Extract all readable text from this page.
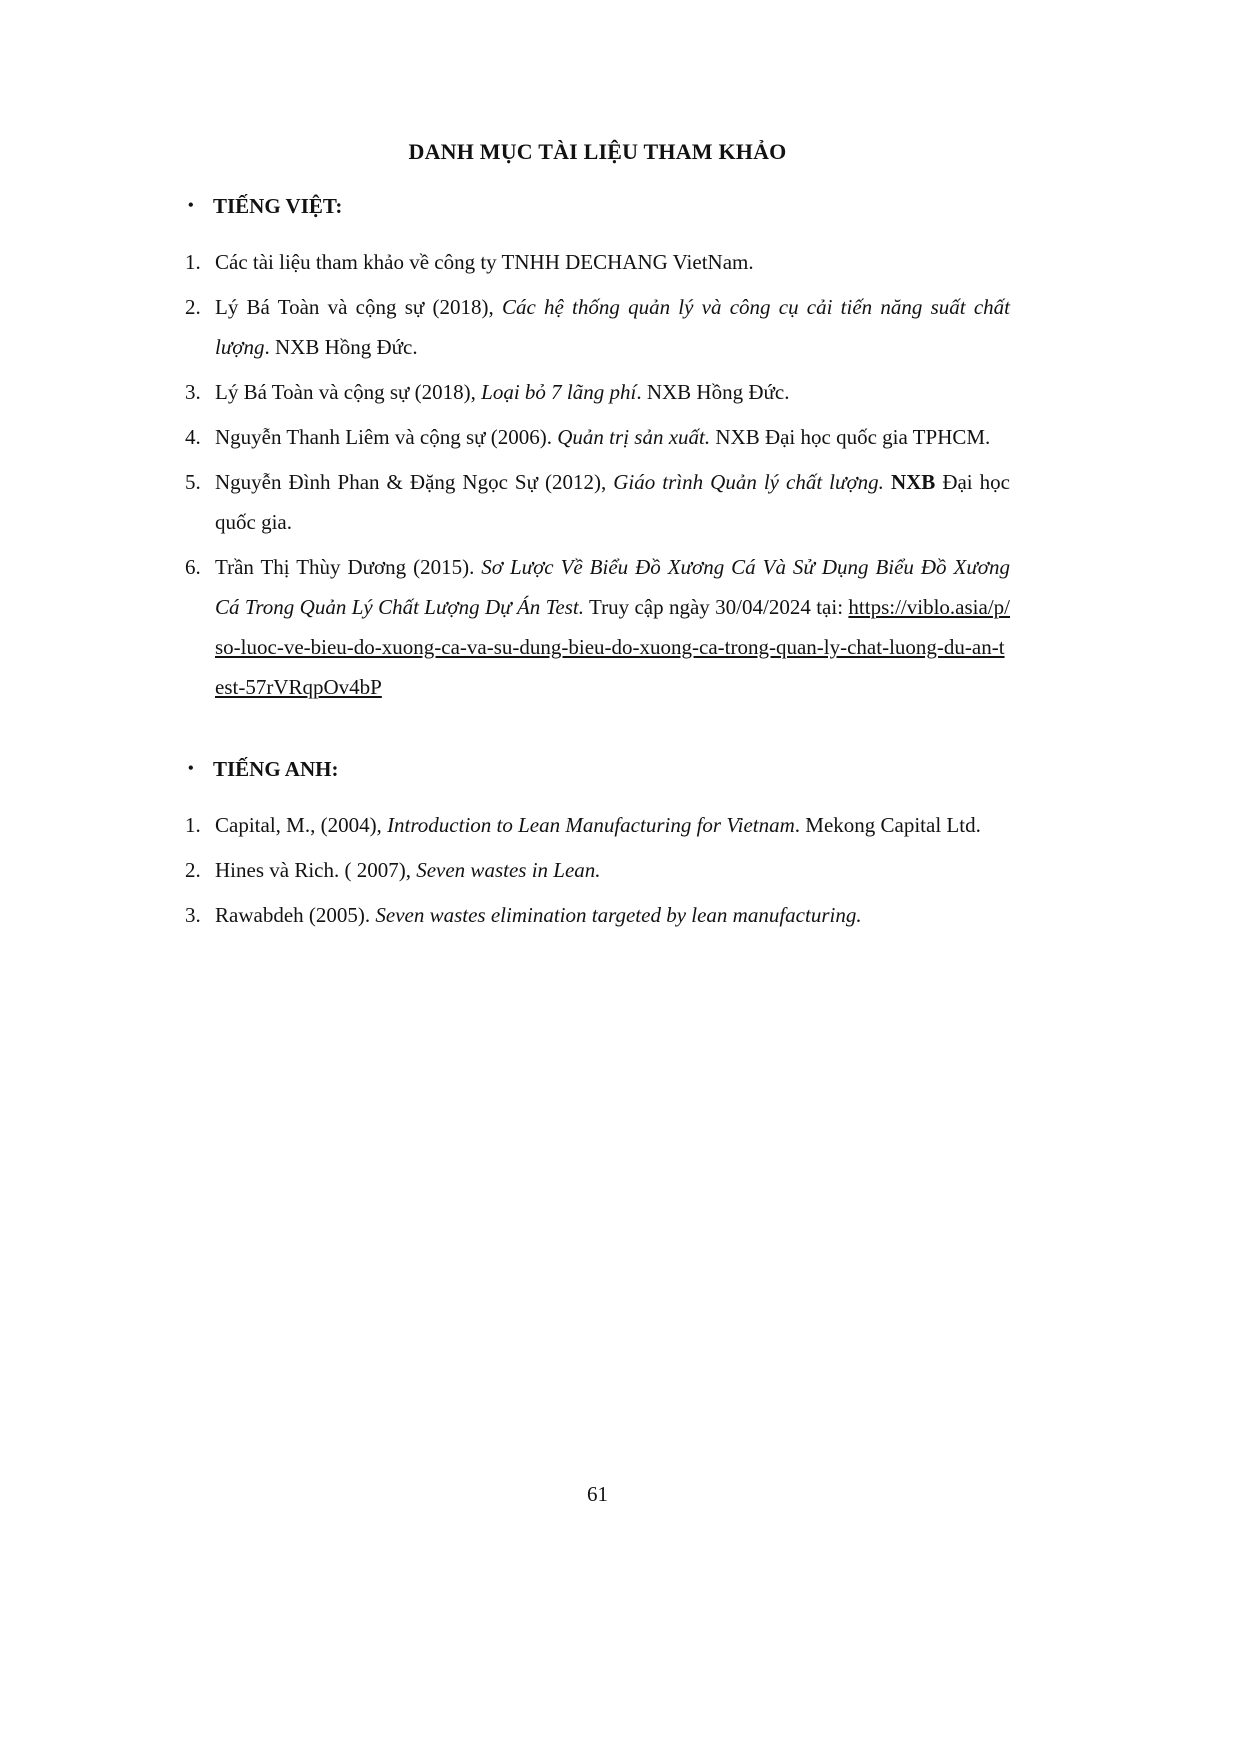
DANH MỤC TÀI LIỆU THAM KHẢO
• TIẾNG VIỆT:
1. Các tài liệu tham khảo về công ty TNHH DECHANG VietNam.
2. Lý Bá Toàn và cộng sự (2018), Các hệ thống quản lý và công cụ cải tiến năng suất chất lượng. NXB Hồng Đức.
3. Lý Bá Toàn và cộng sự (2018), Loại bỏ 7 lãng phí. NXB Hồng Đức.
4. Nguyễn Thanh Liêm và cộng sự (2006). Quản trị sản xuất. NXB Đại học quốc gia TPHCM.
5. Nguyễn Đình Phan & Đặng Ngọc Sự (2012), Giáo trình Quản lý chất lượng. NXB Đại học quốc gia.
6. Trần Thị Thùy Dương (2015). Sơ Lược Về Biểu Đồ Xương Cá Và Sử Dụng Biểu Đồ Xương Cá Trong Quản Lý Chất Lượng Dự Án Test. Truy cập ngày 30/04/2024 tại: https://viblo.asia/p/so-luoc-ve-bieu-do-xuong-ca-va-su-dung-bieu-do-xuong-ca-trong-quan-ly-chat-luong-du-an-test-57rVRqpOv4bP
• TIẾNG ANH:
1. Capital, M., (2004), Introduction to Lean Manufacturing for Vietnam. Mekong Capital Ltd.
2. Hines và Rich. ( 2007), Seven wastes in Lean.
3. Rawabdeh (2005). Seven wastes elimination targeted by lean manufacturing.
61
